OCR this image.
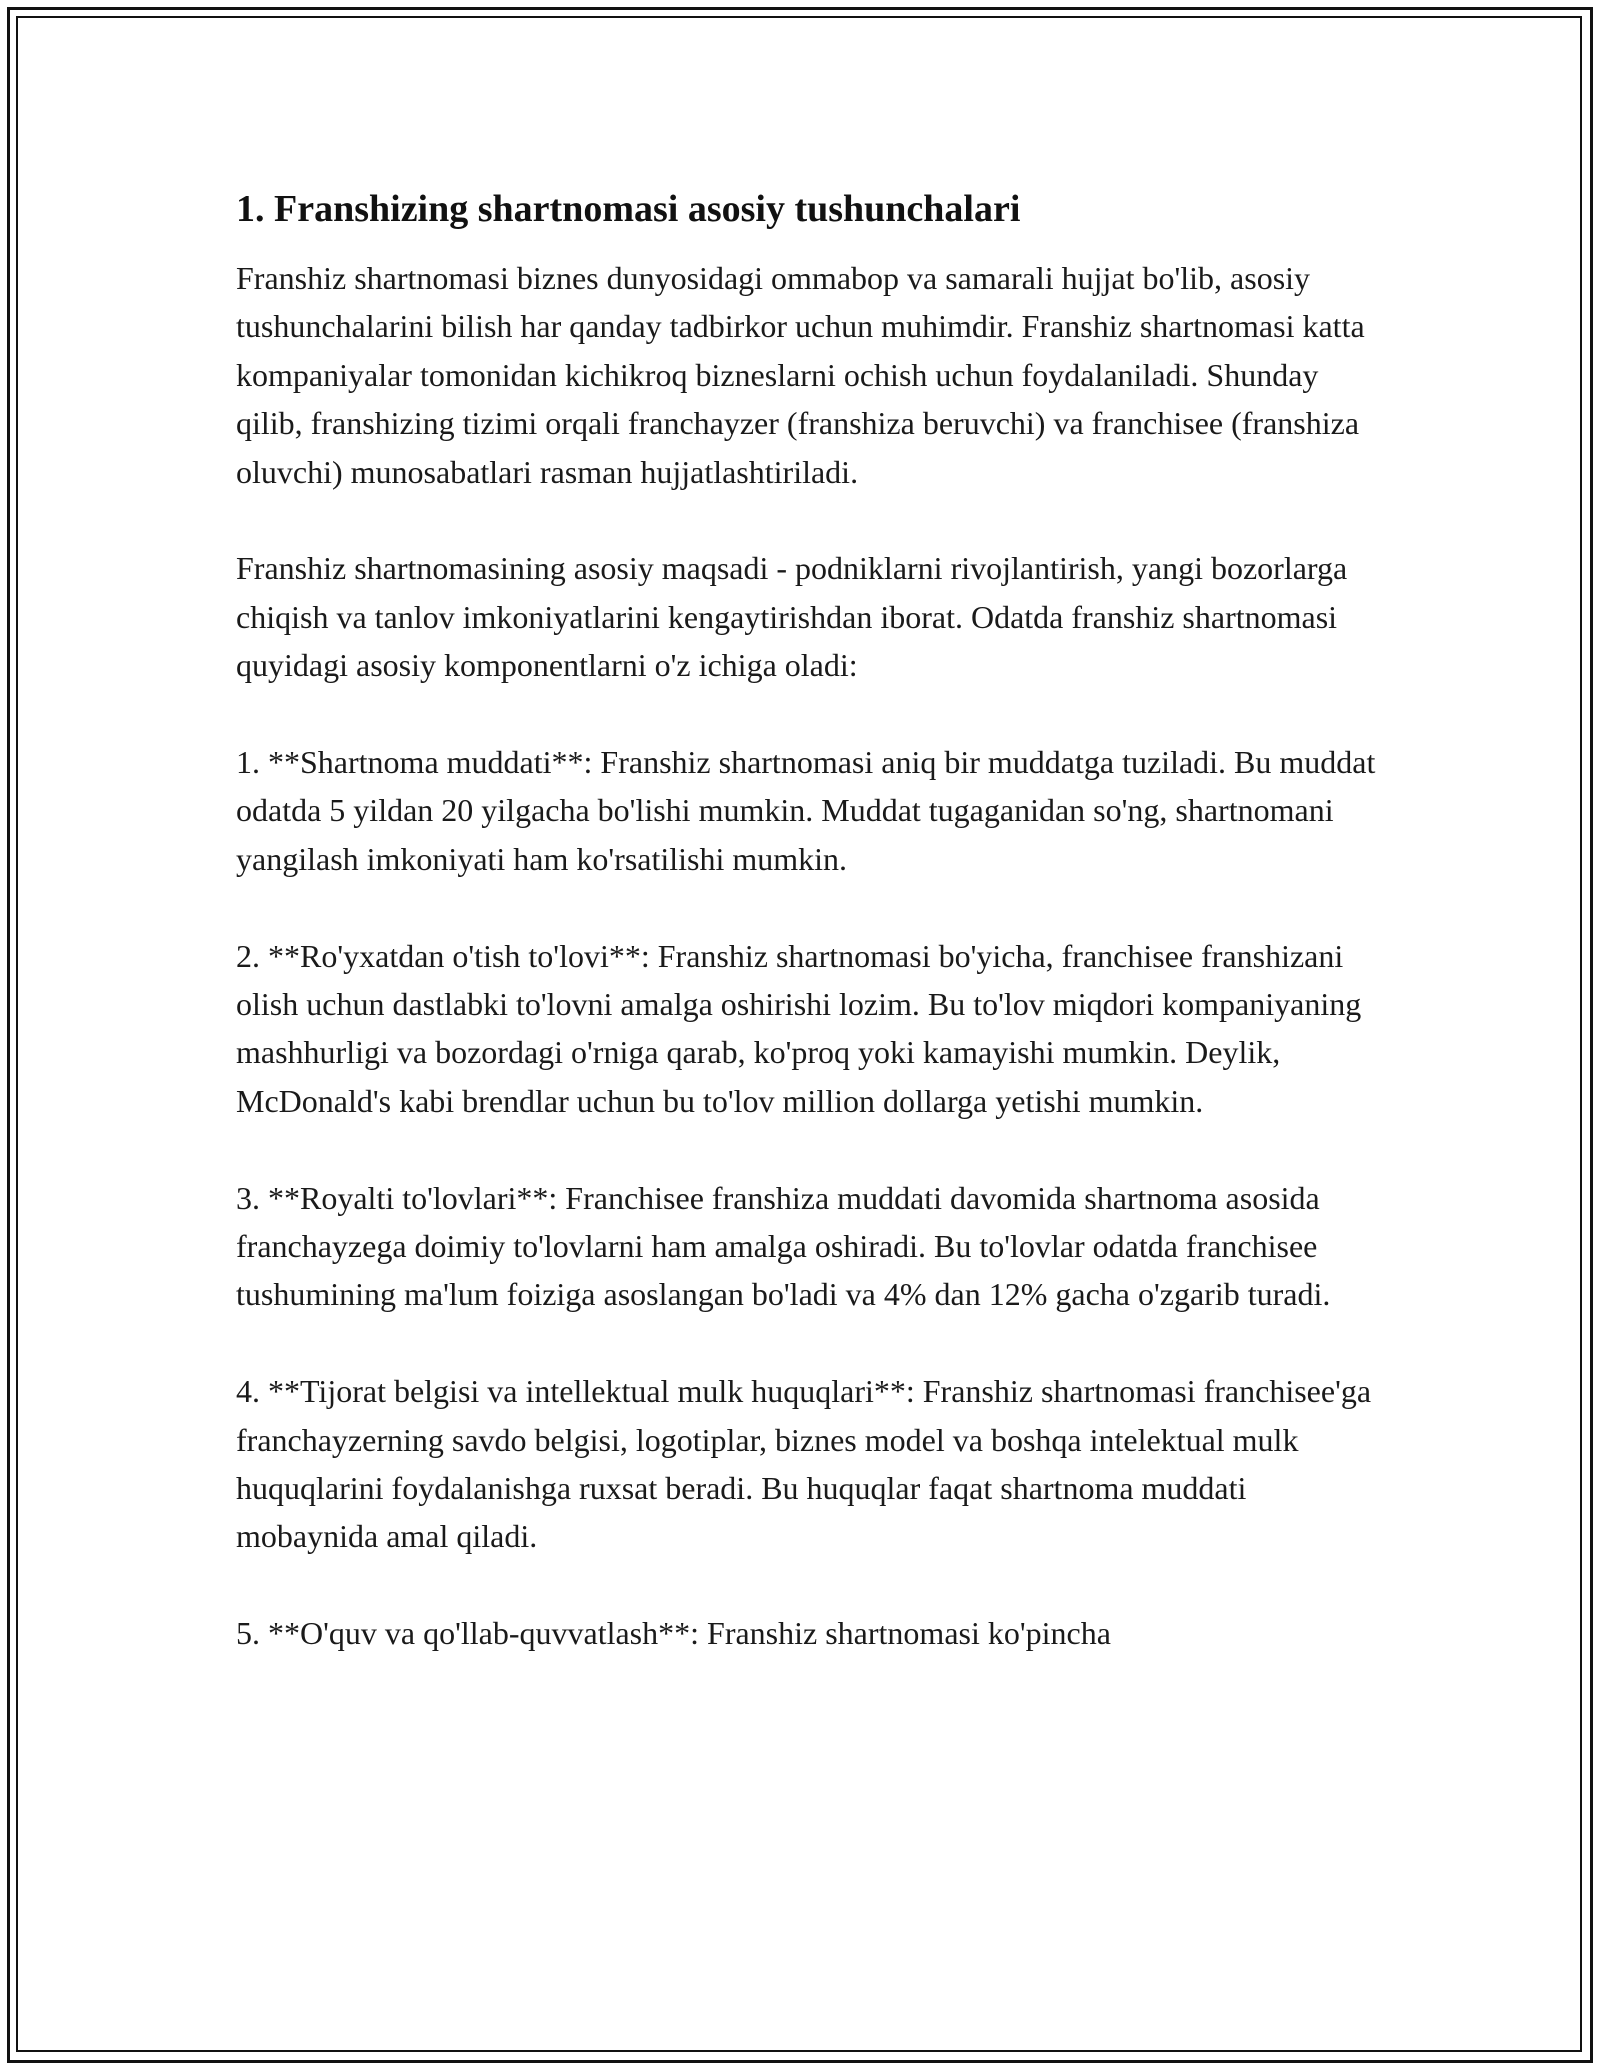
1. Franshizing shartnomasi asosiy tushunchalari

Franshiz shartnomasi biznes dunyosidagi ommabop va samarali hujjat bo'lib, asosiy tushunchalarini bilish har qanday tadbirkor uchun muhimdir. Franshiz shartnomasi katta kompaniyalar tomonidan kichikroq bizneslarni ochish uchun foydalaniladi. Shunday qilib, franshizing tizimi orqali franchayzer (franshiza beruvchi) va franchisee (franshiza oluvchi) munosabatlari rasman hujjatlashtiriladi.

Franshiz shartnomasining asosiy maqsadi - podniklarni rivojlantirish, yangi bozorlarga chiqish va tanlov imkoniyatlarini kengaytirishdan iborat. Odatda franshiz shartnomasi quyidagi asosiy komponentlarni o'z ichiga oladi:

1. **Shartnoma muddati**: Franshiz shartnomasi aniq bir muddatga tuziladi. Bu muddat odatda 5 yildan 20 yilgacha bo'lishi mumkin. Muddat tugaganidan so'ng, shartnomani yangilash imkoniyati ham ko'rsatilishi mumkin.

2. **Ro'yxatdan o'tish to'lovi**: Franshiz shartnomasi bo'yicha, franchisee franshizani olish uchun dastlabki to'lovni amalga oshirishi lozim. Bu to'lov miqdori kompaniyaning mashhurligi va bozordagi o'rniga qarab, ko'proq yoki kamayishi mumkin. Deylik, McDonald's kabi brendlar uchun bu to'lov million dollarga yetishi mumkin.

3. **Royalti to'lovlari**: Franchisee franshiza muddati davomida shartnoma asosida franchayzega doimiy to'lovlarni ham amalga oshiradi. Bu to'lovlar odatda franchisee tushumining ma'lum foiziga asoslangan bo'ladi va 4% dan 12% gacha o'zgarib turadi.

4. **Tijorat belgisi va intellektual mulk huquqlari**: Franshiz shartnomasi franchisee'ga franchayzerning savdo belgisi, logotiplar, biznes model va boshqa intelektual mulk huquqlarini foydalanishga ruxsat beradi. Bu huquqlar faqat shartnoma muddati mobaynida amal qiladi.

5. **O'quv va qo'llab-quvvatlash**: Franshiz shartnomasi ko'pincha
